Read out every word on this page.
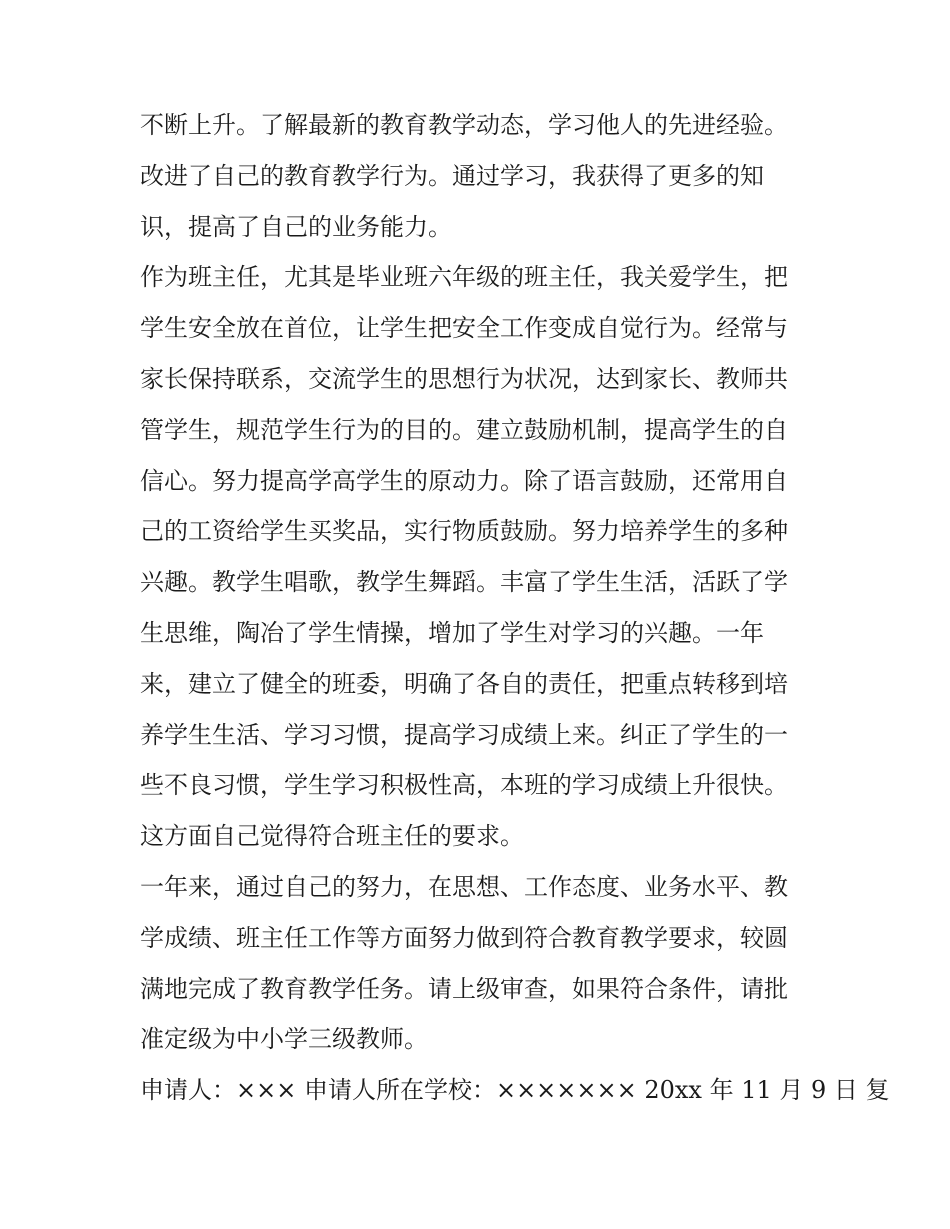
不断上升。了解最新的教育教学动态，学习他人的先进经验。
改进了自己的教育教学行为。通过学习，我获得了更多的知
识，提高了自己的业务能力。
作为班主任，尤其是毕业班六年级的班主任，我关爱学生，把
学生安全放在首位，让学生把安全工作变成自觉行为。经常与
家长保持联系，交流学生的思想行为状况，达到家长、教师共
管学生，规范学生行为的目的。建立鼓励机制，提高学生的自
信心。努力提高学高学生的原动力。除了语言鼓励，还常用自
己的工资给学生买奖品，实行物质鼓励。努力培养学生的多种
兴趣。教学生唱歌，教学生舞蹈。丰富了学生生活，活跃了学
生思维，陶冶了学生情操，增加了学生对学习的兴趣。一年
来，建立了健全的班委，明确了各自的责任，把重点转移到培
养学生生活、学习习惯，提高学习成绩上来。纠正了学生的一
些不良习惯，学生学习积极性高，本班的学习成绩上升很快。
这方面自己觉得符合班主任的要求。
一年来，通过自己的努力，在思想、工作态度、业务水平、教
学成绩、班主任工作等方面努力做到符合教育教学要求，较圆
满地完成了教育教学任务。请上级审查，如果符合条件，请批
准定级为中小学三级教师。
申请人：××× 申请人所在学校：××××××× 20xx 年 11 月 9 日 复
